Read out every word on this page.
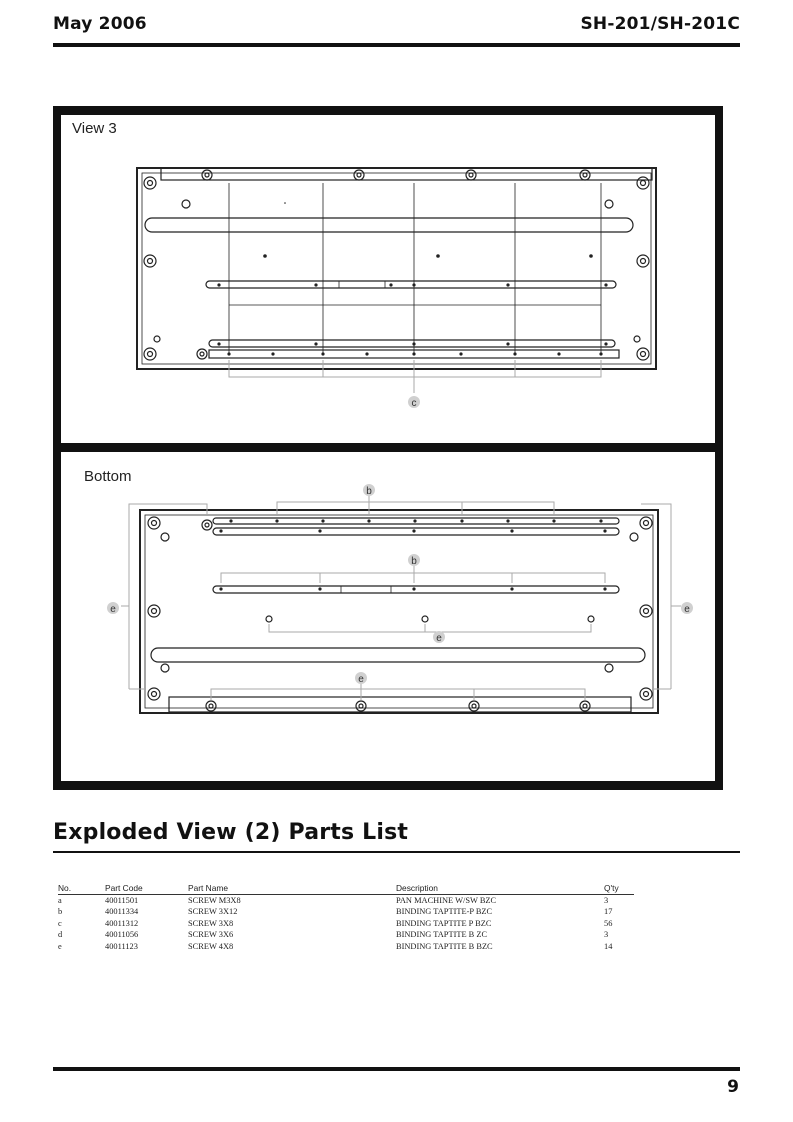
May 2006	SH-201/SH-201C
View 3
c
Bottom
b
b
e	e
e
e
Exploded View (2) Parts List
No.	Part Code	Part Name	Description	Q'ty
a	40011501	SCREW M3X8	PAN MACHINE W/SW BZC	3
b	40011334	SCREW 3X12	BINDING TAPTITE-P BZC	17
c	40011312	SCREW 3X8	BINDING TAPTITE P BZC	56
d	40011056	SCREW 3X6	BINDING TAPTITE B ZC	3
e	40011123	SCREW 4X8	BINDING TAPTITE B BZC	14
9
